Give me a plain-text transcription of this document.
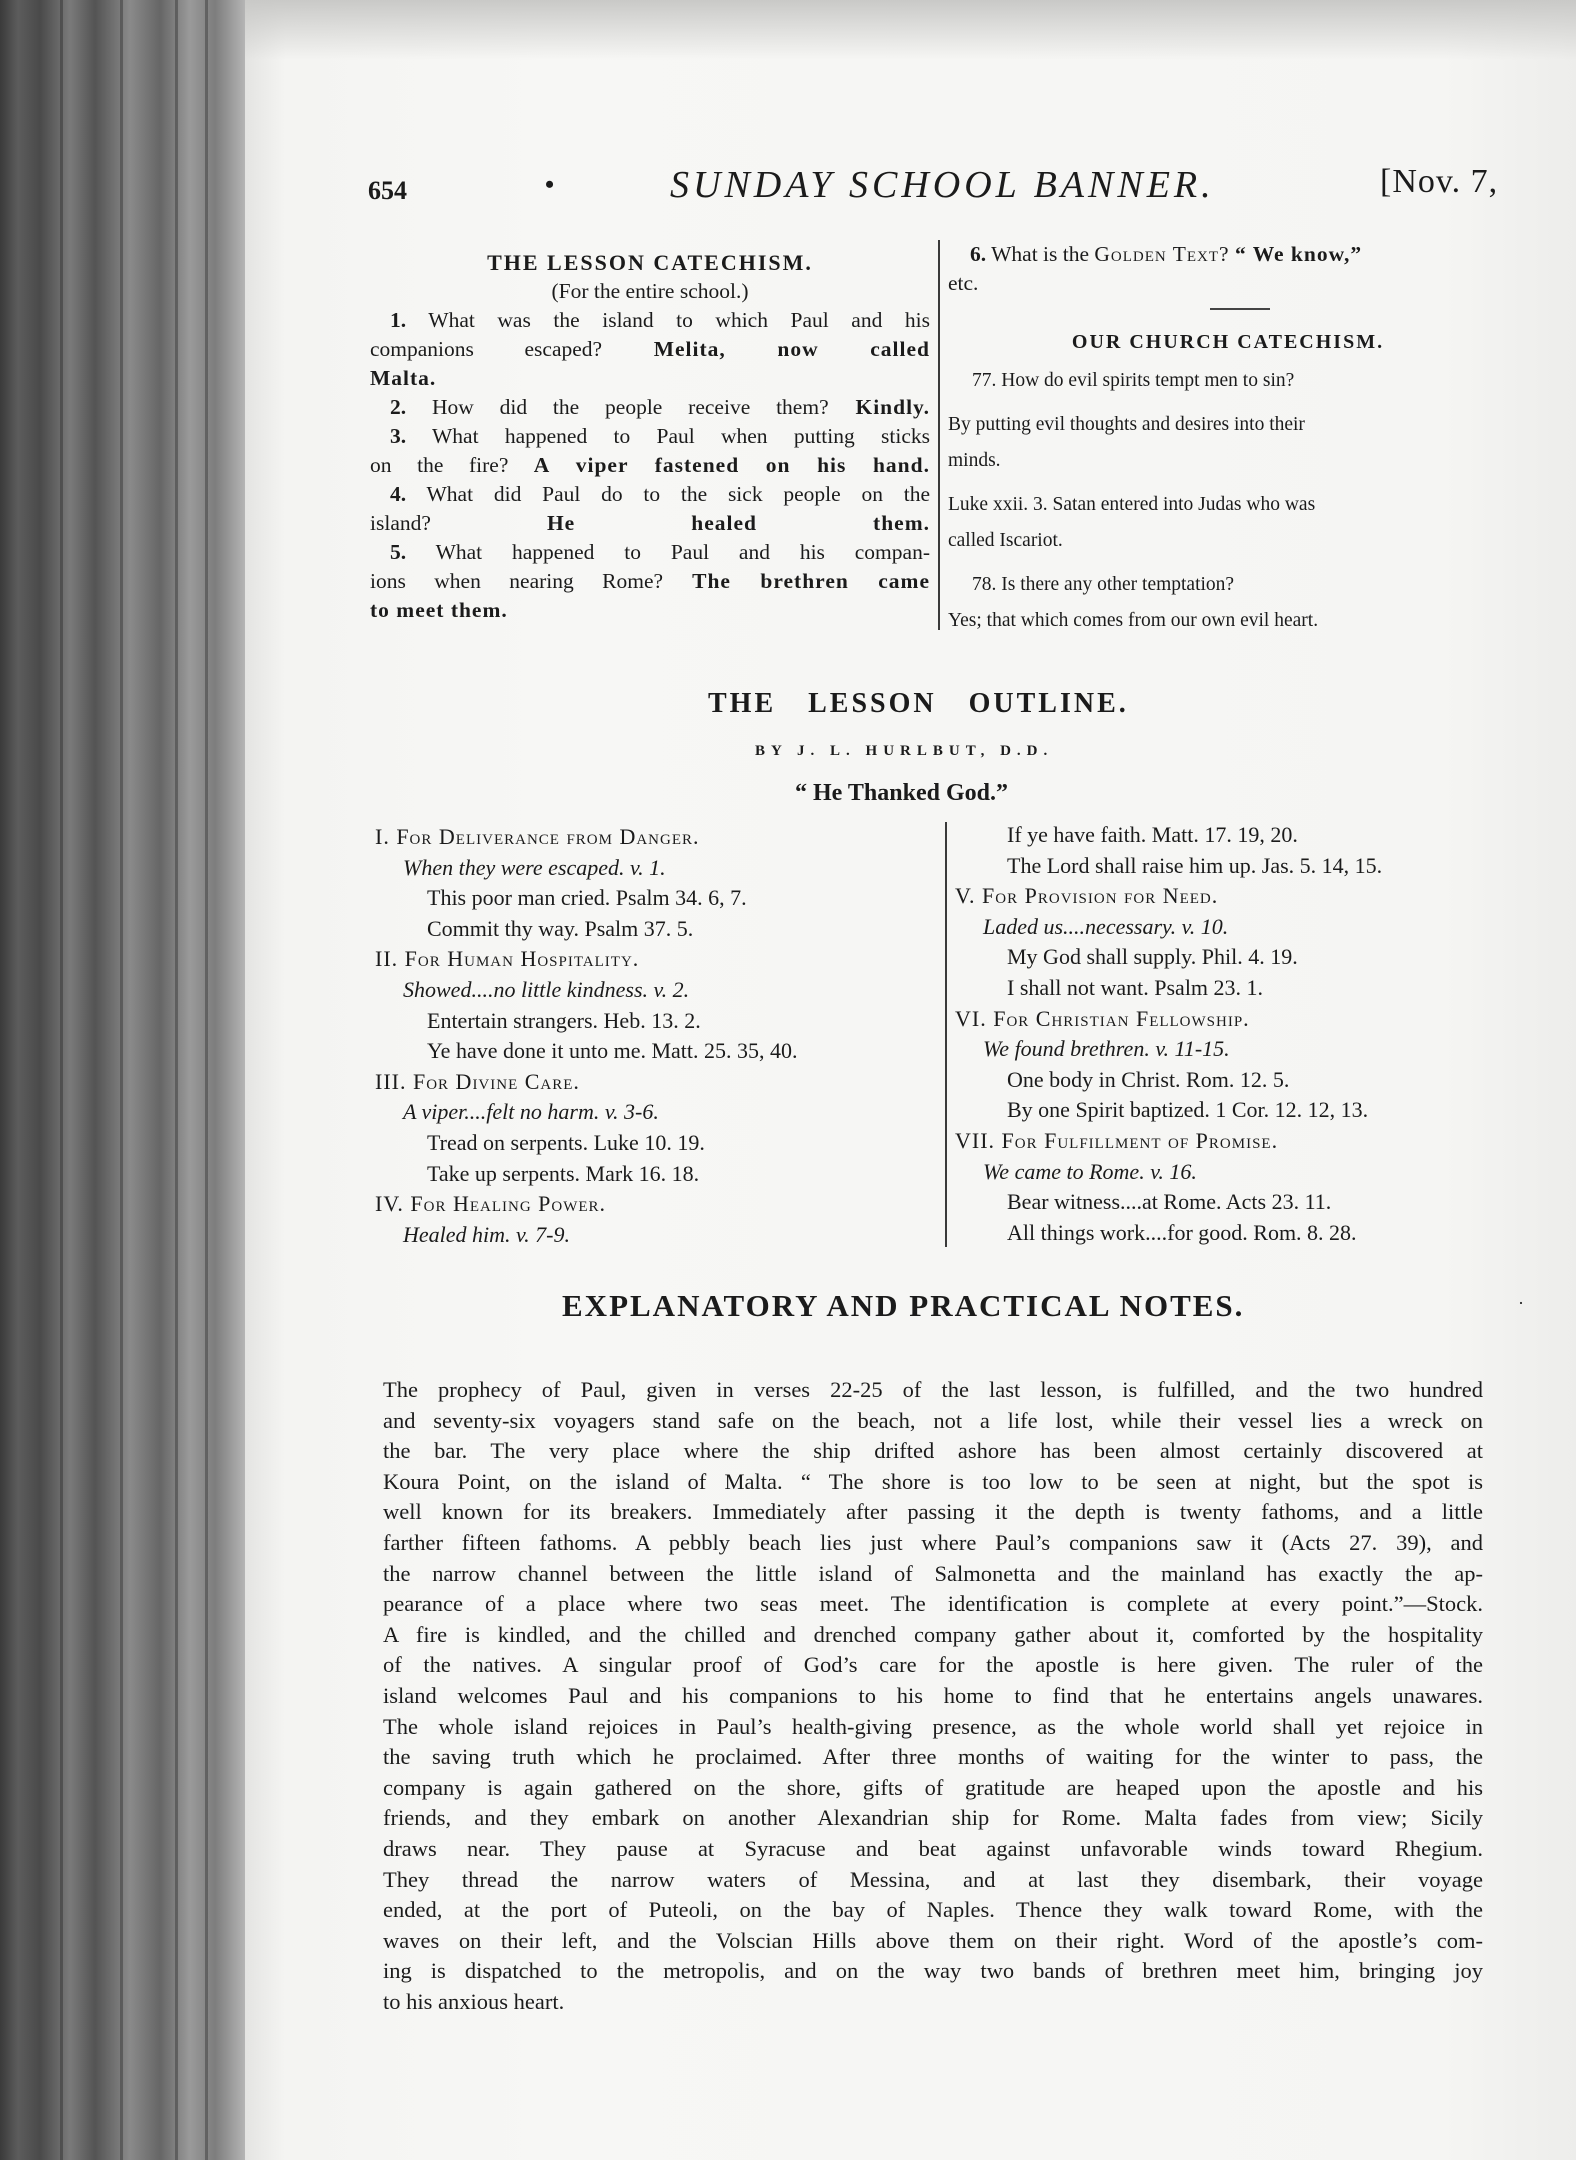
654	•	SUNDAY SCHOOL BANNER.	[Nov. 7,

THE LESSON CATECHISM.

(For the entire school.)

1. What was the island to which Paul and his

companions escaped? Melita, now called

Malta.

2. How did the people receive them? Kindly.

3. What happened to Paul when putting sticks

on the fire? A viper fastened on his hand.

4. What did Paul do to the sick people on the

island? He healed them.

5. What happened to Paul and his compan-

ions when nearing Rome? The brethren came

to meet them.

6. What is the Golden Text? “ We know,”

etc.

OUR CHURCH CATECHISM.

77. How do evil spirits tempt men to sin?
By putting evil thoughts and desires into their
minds.
Luke xxii. 3. Satan entered into Judas who was
called Iscariot.
78. Is there any other temptation?
Yes; that which comes from our own evil heart.
THE LESSON OUTLINE.
BY J. L. HURLBUT, D.D.
“ He Thanked God.”
I. For Deliverance from Danger.
When they were escaped. v. 1.
This poor man cried. Psalm 34. 6, 7.
Commit thy way. Psalm 37. 5.
II. For Human Hospitality.
Showed....no little kindness. v. 2.
Entertain strangers. Heb. 13. 2.
Ye have done it unto me. Matt. 25. 35, 40.
III. For Divine Care.
A viper....felt no harm. v. 3-6.
Tread on serpents. Luke 10. 19.
Take up serpents. Mark 16. 18.
IV. For Healing Power.
Healed him. v. 7-9.
If ye have faith. Matt. 17. 19, 20.
The Lord shall raise him up. Jas. 5. 14, 15.
V. For Provision for Need.
Laded us....necessary. v. 10.
My God shall supply. Phil. 4. 19.
I shall not want. Psalm 23. 1.
VI. For Christian Fellowship.
We found brethren. v. 11-15.
One body in Christ. Rom. 12. 5.
By one Spirit baptized. 1 Cor. 12. 12, 13.
VII. For Fulfillment of Promise.
We came to Rome. v. 16.
Bear witness....at Rome. Acts 23. 11.
All things work....for good. Rom. 8. 28.
EXPLANATORY AND PRACTICAL NOTES.	·
The prophecy of Paul, given in verses 22-25 of the last lesson, is fulfilled, and the two hundred
and seventy-six voyagers stand safe on the beach, not a life lost, while their vessel lies a wreck on
the bar. The very place where the ship drifted ashore has been almost certainly discovered at
Koura Point, on the island of Malta. “ The shore is too low to be seen at night, but the spot is
well known for its breakers. Immediately after passing it the depth is twenty fathoms, and a little
farther fifteen fathoms. A pebbly beach lies just where Paul’s companions saw it (Acts 27. 39), and
the narrow channel between the little island of Salmonetta and the mainland has exactly the ap-
pearance of a place where two seas meet. The identification is complete at every point.”—Stock.
A fire is kindled, and the chilled and drenched company gather about it, comforted by the hospitality
of the natives. A singular proof of God’s care for the apostle is here given. The ruler of the
island welcomes Paul and his companions to his home to find that he entertains angels unawares.
The whole island rejoices in Paul’s health-giving presence, as the whole world shall yet rejoice in
the saving truth which he proclaimed. After three months of waiting for the winter to pass, the
company is again gathered on the shore, gifts of gratitude are heaped upon the apostle and his
friends, and they embark on another Alexandrian ship for Rome. Malta fades from view; Sicily
draws near. They pause at Syracuse and beat against unfavorable winds toward Rhegium.
They thread the narrow waters of Messina, and at last they disembark, their voyage
ended, at the port of Puteoli, on the bay of Naples. Thence they walk toward Rome, with the
waves on their left, and the Volscian Hills above them on their right. Word of the apostle’s com-
ing is dispatched to the metropolis, and on the way two bands of brethren meet him, bringing joy
to his anxious heart.
